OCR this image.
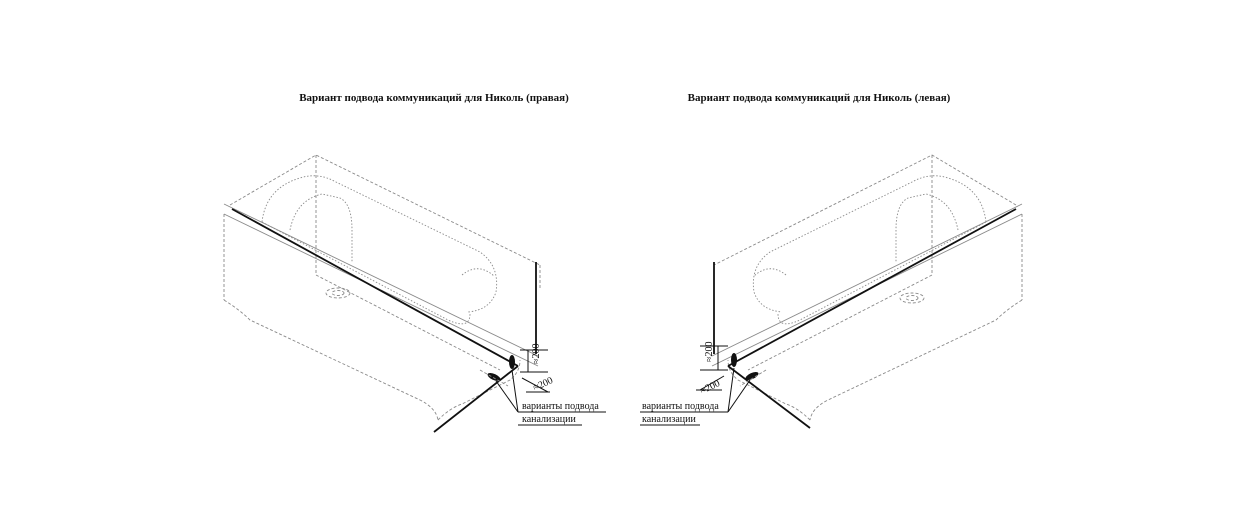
Вариант подвода коммуникаций для Николь (правая)	Вариант подвода коммуникаций для Николь (левая)
≈200
≈200
варианты подвода
канализации
≈200
≈200
варианты подвода
канализации
